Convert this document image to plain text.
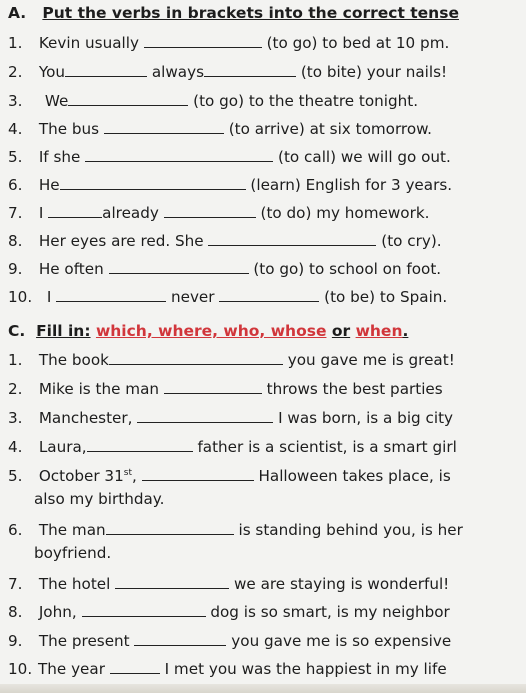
A. Put the verbs in brackets into the correct tense
1. Kevin usually	(to go) to bed at 10 pm.
2. You	always	(to bite) your nails!
3. We	(to go) to the theatre tonight.
4. The bus	(to arrive) at six tomorrow.
5. If she	(to call) we will go out.
6. He	(learn) English for 3 years.
7. I	already	(to do) my homework.
8. Her eyes are red. She	(to cry).
9. He often	(to go) to school on foot.
10. I	never	(to be) to Spain.
C. Fill in: which, where, who, whose or when.
1. The book	you gave me is great!
2. Mike is the man	throws the best parties
3. Manchester,	I was born, is a big city
4. Laura,	father is a scientist, is a smart girl
5. October 31st,	Halloween takes place, is
also my birthday.
6. The man	is standing behind you, is her
boyfriend.
7. The hotel	we are staying is wonderful!
8. John,	dog is so smart, is my neighbor
9. The present	you gave me is so expensive
10. The year	I met you was the happiest in my life
